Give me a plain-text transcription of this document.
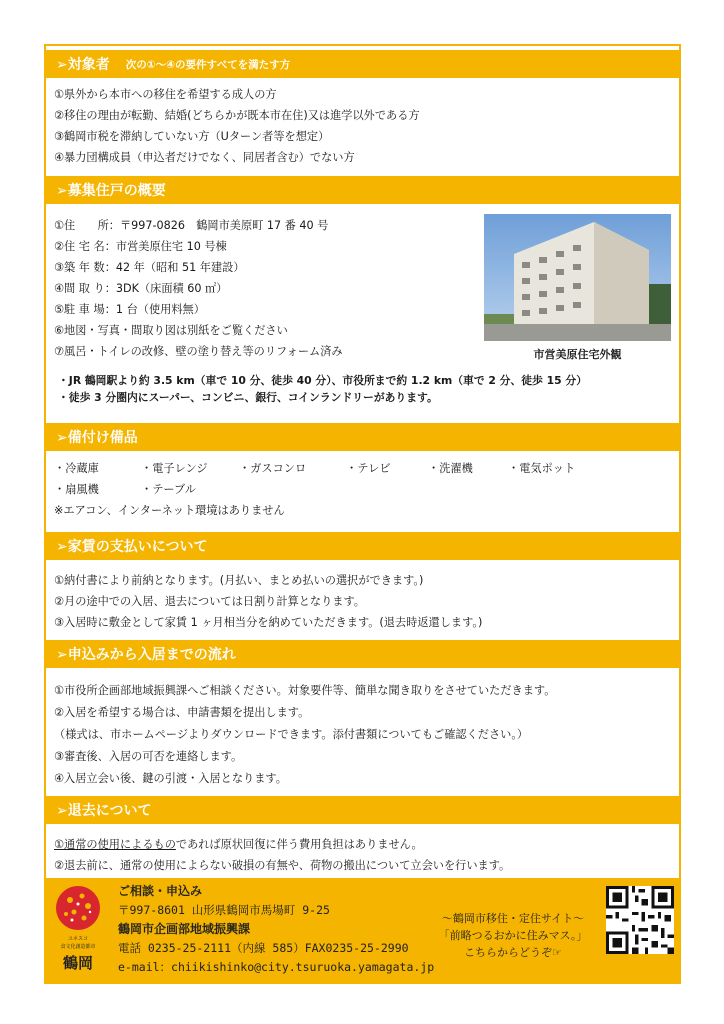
➢対象者 次の①～④の要件すべてを満たす方
①県外から本市への移住を希望する成人の方
②移住の理由が転勤、結婚(どちらかが既本市在住)又は進学以外である方
③鶴岡市税を滞納していない方（Uターン者等を想定）
④暴力団構成員（申込者だけでなく、同居者含む）でない方
➢募集住戸の概要
①住　　所：〒997-0826　鶴岡市美原町 17 番 40 号
②住 宅 名：市営美原住宅 10 号棟
③築 年 数：42 年（昭和 51 年建設）
④間 取 り：3DK（床面積 60 ㎡）
⑤駐 車 場：1 台（使用料無）
⑥地図・写真・間取り図は別紙をご覧ください
⑦風呂・トイレの改修、壁の塗り替え等のリフォーム済み
・JR 鶴岡駅より約 3.5 km（車で 10 分、徒歩 40 分）、市役所まで約 1.2 km（車で 2 分、徒歩 15 分）
・徒歩 3 分圏内にスーパー、コンビニ、銀行、コインランドリーがあります。
市営美原住宅外観
➢備付け備品
・冷蔵庫	・電子レンジ	・ガスコンロ	・テレビ	・洗濯機	・電気ポット
・扇風機	・テーブル
※エアコン、インターネット環境はありません
➢家賃の支払いについて
①納付書により前納となります。(月払い、まとめ払いの選択ができます。)
②月の途中での入居、退去については日割り計算となります。
③入居時に敷金として家賃 1 ヶ月相当分を納めていただきます。(退去時返還します。)
➢申込みから入居までの流れ
①市役所企画部地域振興課へご相談ください。対象要件等、簡単な聞き取りをさせていただきます。
②入居を希望する場合は、申請書類を提出します。
（様式は、市ホームページよりダウンロードできます。添付書類についてもご確認ください。）
③審査後、入居の可否を連絡します。
④入居立会い後、鍵の引渡・入居となります。
➢退去について
①通常の使用によるものであれば原状回復に伴う費用負担はありません。
②退去前に、通常の使用によらない破損の有無や、荷物の搬出について立会いを行います。
ユネスコ
食文化創造都市
鶴岡
ご相談・申込み
〒997-8601 山形県鶴岡市馬場町 9-25
鶴岡市企画部地域振興課
電話 0235-25-2111（内線 585）FAX0235-25-2990
e-mail：chiikishinko@city.tsuruoka.yamagata.jp
～鶴岡市移住・定住サイト～
「前略つるおかに住みマス。」
こちらからどうぞ☞
